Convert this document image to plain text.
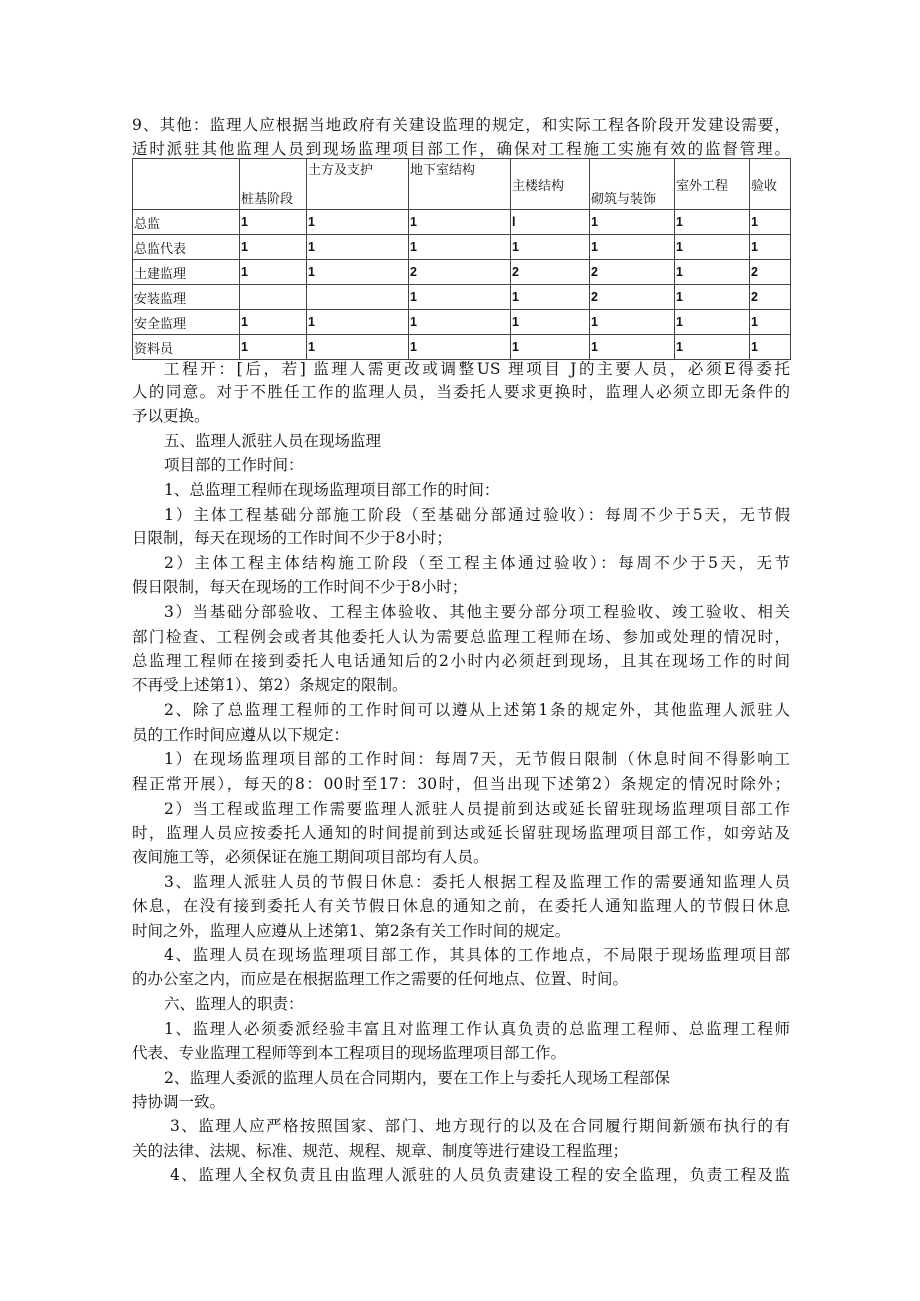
9、其他：监理人应根据当地政府有关建设监理的规定，和实际工程各阶段开发建设需要，
适时派驻其他监理人员到现场监理项目部工作，确保对工程施工实施有效的监督管理。
	桩基阶段	土方及支护	地下室结构	主楼结构	砌筑与装饰	室外工程	验收
总监	1	1	1	l	1	1	1
总监代表	1	1	1	1	1	1	1
土建监理	1	1	2	2	2	1	2
安装监理			1	1	2	1	2
安全监理	1	1	1	1	1	1	1
资料员	1	1	1	1	1	1	1
工程开：[后，若] 监理人需更改或调整US 理项目 J的主要人员，必须E得委托
人的同意。对于不胜任工作的监理人员，当委托人要求更换时，监理人必须立即无条件的
予以更换。
五、监理人派驻人员在现场监理
项目部的工作时间：
1、总监理工程师在现场监理项目部工作的时间：
1）主体工程基础分部施工阶段（至基础分部通过验收）：每周不少于5天，无节假
日限制，每天在现场的工作时间不少于8小时；
2）主体工程主体结构施工阶段（至工程主体通过验收）：每周不少于5天，无节
假日限制，每天在现场的工作时间不少于8小时；
3）当基础分部验收、工程主体验收、其他主要分部分项工程验收、竣工验收、相关
部门检查、工程例会或者其他委托人认为需要总监理工程师在场、参加或处理的情况时，
总监理工程师在接到委托人电话通知后的2小时内必须赶到现场，且其在现场工作的时间
不再受上述第1）、第2）条规定的限制。
2、除了总监理工程师的工作时间可以遵从上述第1条的规定外，其他监理人派驻人
员的工作时间应遵从以下规定：
1）在现场监理项目部的工作时间：每周7天，无节假日限制（休息时间不得影响工
程正常开展），每天的8：00时至17：30时，但当出现下述第2）条规定的情况时除外；
2）当工程或监理工作需要监理人派驻人员提前到达或延长留驻现场监理项目部工作
时，监理人员应按委托人通知的时间提前到达或延长留驻现场监理项目部工作，如旁站及
夜间施工等，必须保证在施工期间项目部均有人员。
3、监理人派驻人员的节假日休息：委托人根据工程及监理工作的需要通知监理人员
休息，在没有接到委托人有关节假日休息的通知之前，在委托人通知监理人的节假日休息
时间之外，监理人应遵从上述第1、第2条有关工作时间的规定。
4、监理人员在现场监理项目部工作，其具体的工作地点，不局限于现场监理项目部
的办公室之内，而应是在根据监理工作之需要的任何地点、位置、时间。
六、监理人的职责：
1、监理人必须委派经验丰富且对监理工作认真负责的总监理工程师、总监理工程师
代表、专业监理工程师等到本工程项目的现场监理项目部工作。
2、监理人委派的监理人员在合同期内，要在工作上与委托人现场工程部保
持协调一致。
3、监理人应严格按照国家、部门、地方现行的以及在合同履行期间新颁布执行的有
关的法律、法规、标准、规范、规程、规章、制度等进行建设工程监理；
4、监理人全权负责且由监理人派驻的人员负责建设工程的安全监理，负责工程及监
